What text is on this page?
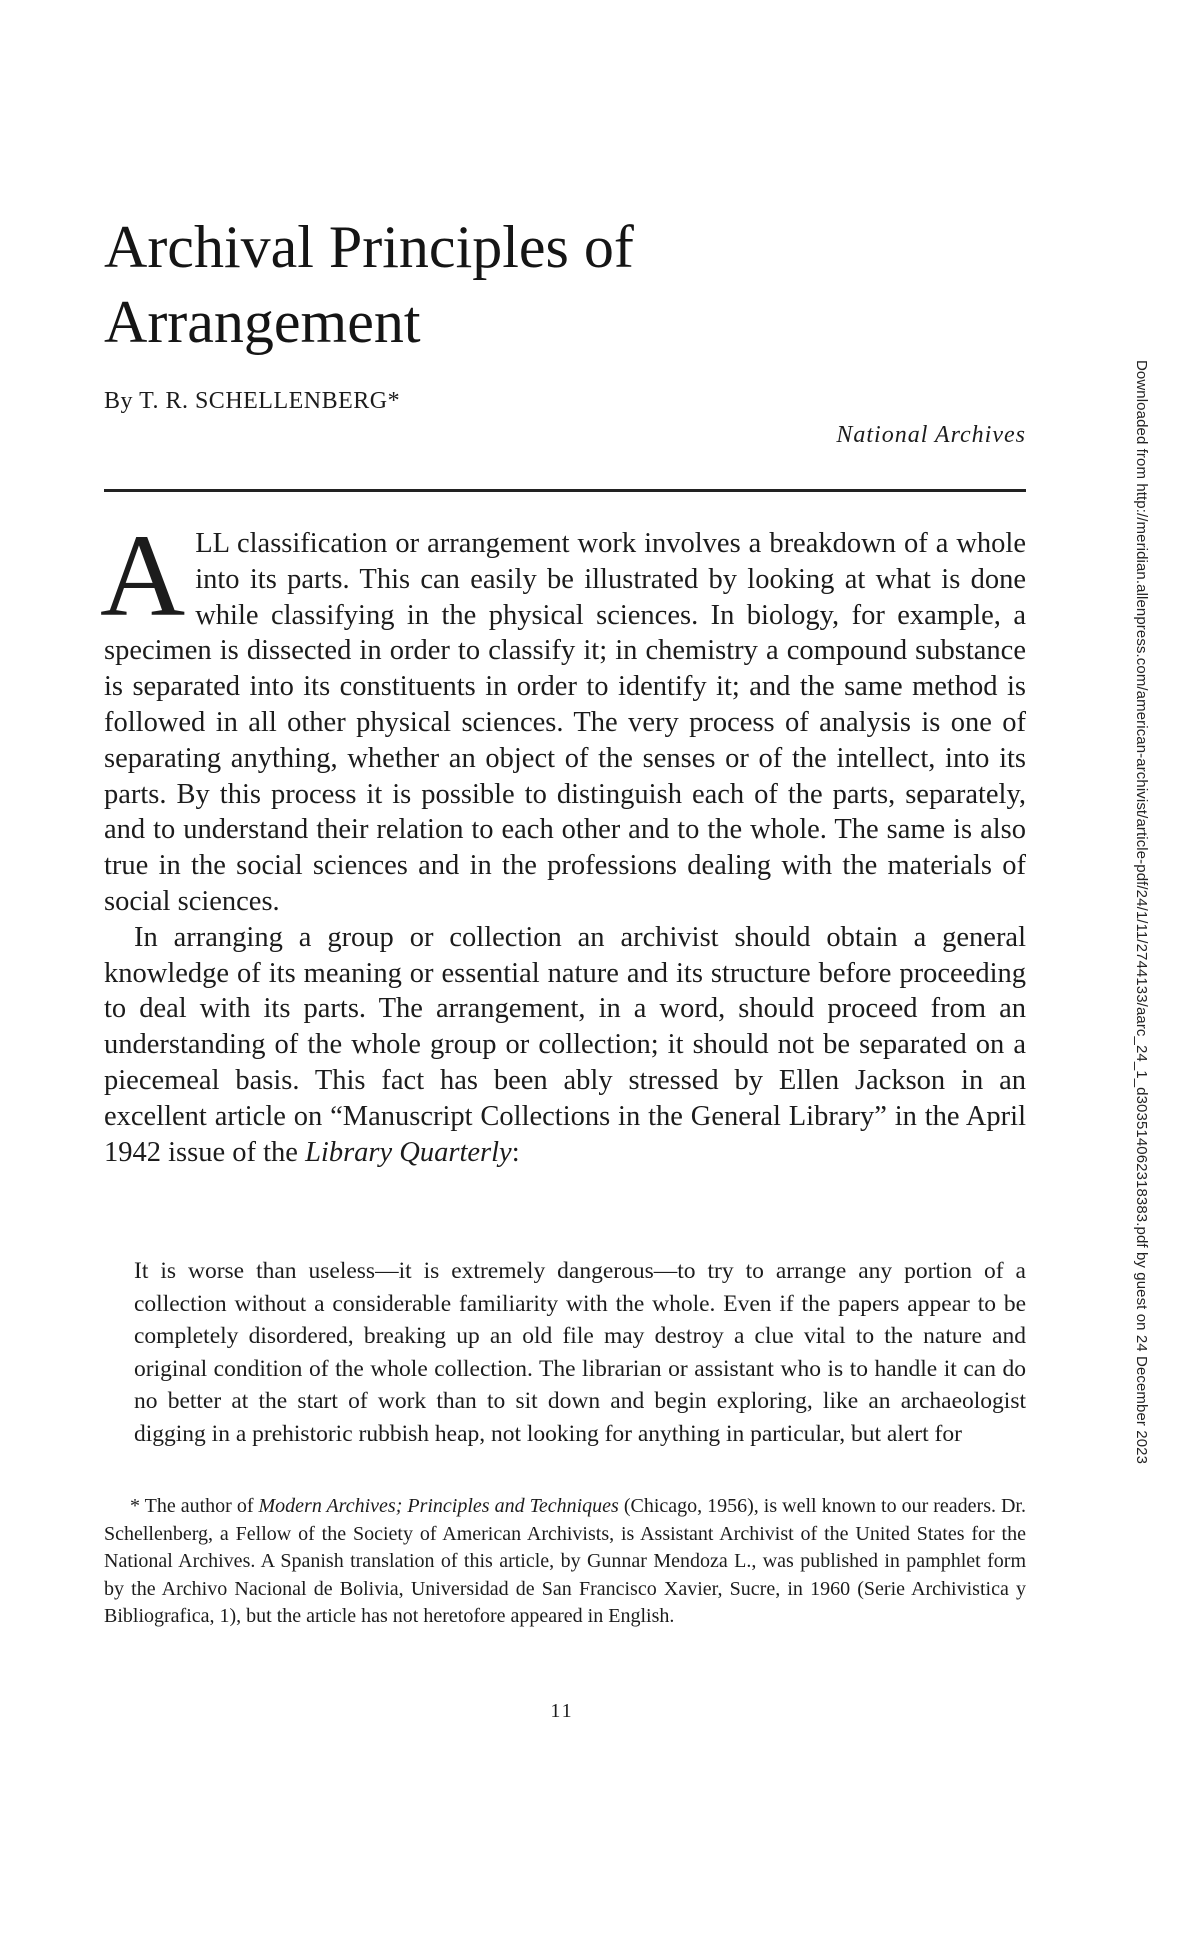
Archival Principles of Arrangement
By T. R. SCHELLENBERG*
National Archives

ALL classification or arrangement work involves a breakdown of a whole into its parts. This can easily be illustrated by looking at what is done while classifying in the physical sciences. In biology, for example, a specimen is dissected in order to classify it; in chemistry a compound substance is separated into its constituents in order to identify it; and the same method is followed in all other physical sciences. The very process of analysis is one of separating anything, whether an object of the senses or of the intellect, into its parts. By this process it is possible to distinguish each of the parts, separately, and to understand their relation to each other and to the whole. The same is also true in the social sciences and in the professions dealing with the materials of social sciences.

In arranging a group or collection an archivist should obtain a general knowledge of its meaning or essential nature and its structure before proceeding to deal with its parts. The arrangement, in a word, should proceed from an understanding of the whole group or collection; it should not be separated on a piecemeal basis. This fact has been ably stressed by Ellen Jackson in an excellent article on “Manuscript Collections in the General Library” in the April 1942 issue of the Library Quarterly:

It is worse than useless—it is extremely dangerous—to try to arrange any portion of a collection without a considerable familiarity with the whole. Even if the papers appear to be completely disordered, breaking up an old file may destroy a clue vital to the nature and original condition of the whole collection. The librarian or assistant who is to handle it can do no better at the start of work than to sit down and begin exploring, like an archaeologist digging in a prehistoric rubbish heap, not looking for anything in particular, but alert for

* The author of Modern Archives; Principles and Techniques (Chicago, 1956), is well known to our readers. Dr. Schellenberg, a Fellow of the Society of American Archivists, is Assistant Archivist of the United States for the National Archives. A Spanish translation of this article, by Gunnar Mendoza L., was published in pamphlet form by the Archivo Nacional de Bolivia, Universidad de San Francisco Xavier, Sucre, in 1960 (Serie Archivistica y Bibliografica, 1), but the article has not heretofore appeared in English.

11
Downloaded from http://meridian.allenpress.com/american-archivist/article-pdf/24/1/11/2744133/aarc_24_1_d303514062318383.pdf by guest on 24 December 2023
